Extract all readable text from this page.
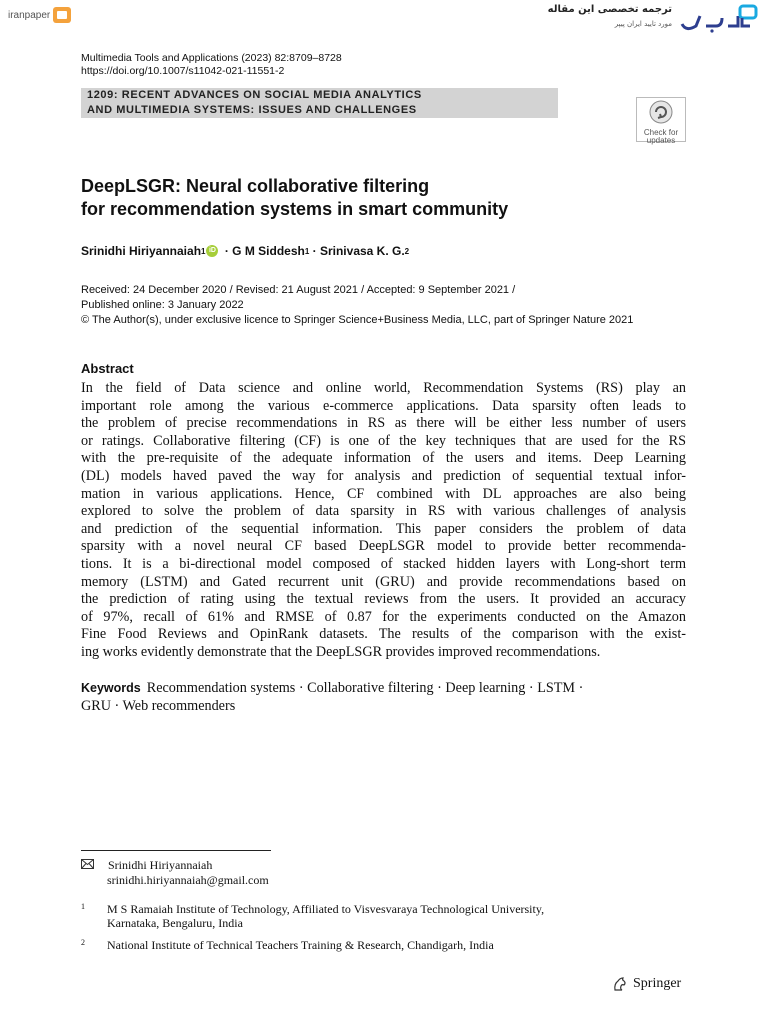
iranpaper	ترجمه تخصصی این مقاله
مورد تایید ایران پیپر
Multimedia Tools and Applications (2023) 82:8709–8728
https://doi.org/10.1007/s11042-021-11551-2
1209: RECENT ADVANCES ON SOCIAL MEDIA ANALYTICS
AND MULTIMEDIA SYSTEMS: ISSUES AND CHALLENGES
Check for
updates
DeepLSGR: Neural collaborative filtering
for recommendation systems in smart community
Srinidhi Hiriyannaiah 1 iD · G M Siddesh 1 · Srinivasa K. G. 2
Received: 24 December 2020 / Revised: 21 August 2021 / Accepted: 9 September 2021 /
Published online: 3 January 2022
© The Author(s), under exclusive licence to Springer Science+Business Media, LLC, part of Springer Nature 2021
Abstract
In the field of Data science and online world, Recommendation Systems (RS) play an
important role among the various e-commerce applications. Data sparsity often leads to
the problem of precise recommendations in RS as there will be either less number of users
or ratings. Collaborative filtering (CF) is one of the key techniques that are used for the RS
with the pre-requisite of the adequate information of the users and items. Deep Learning
(DL) models haved paved the way for analysis and prediction of sequential textual infor-
mation in various applications. Hence, CF combined with DL approaches are also being
explored to solve the problem of data sparsity in RS with various challenges of analysis
and prediction of the sequential information. This paper considers the problem of data
sparsity with a novel neural CF based DeepLSGR model to provide better recommenda-
tions. It is a bi-directional model composed of stacked hidden layers with Long-short term
memory (LSTM) and Gated recurrent unit (GRU) and provide recommendations based on
the prediction of rating using the textual reviews from the users. It provided an accuracy
of 97%, recall of 61% and RMSE of 0.87 for the experiments conducted on the Amazon
Fine Food Reviews and OpinRank datasets. The results of the comparison with the exist-
ing works evidently demonstrate that the DeepLSGR provides improved recommendations.
Keywords Recommendation systems · Collaborative filtering · Deep learning · LSTM ·
GRU · Web recommenders
Srinidhi Hiriyannaiah
srinidhi.hiriyannaiah@gmail.com
1	M S Ramaiah Institute of Technology, Affiliated to Visvesvaraya Technological University,
Karnataka, Bengaluru, India
2	National Institute of Technical Teachers Training & Research, Chandigarh, India
Springer
